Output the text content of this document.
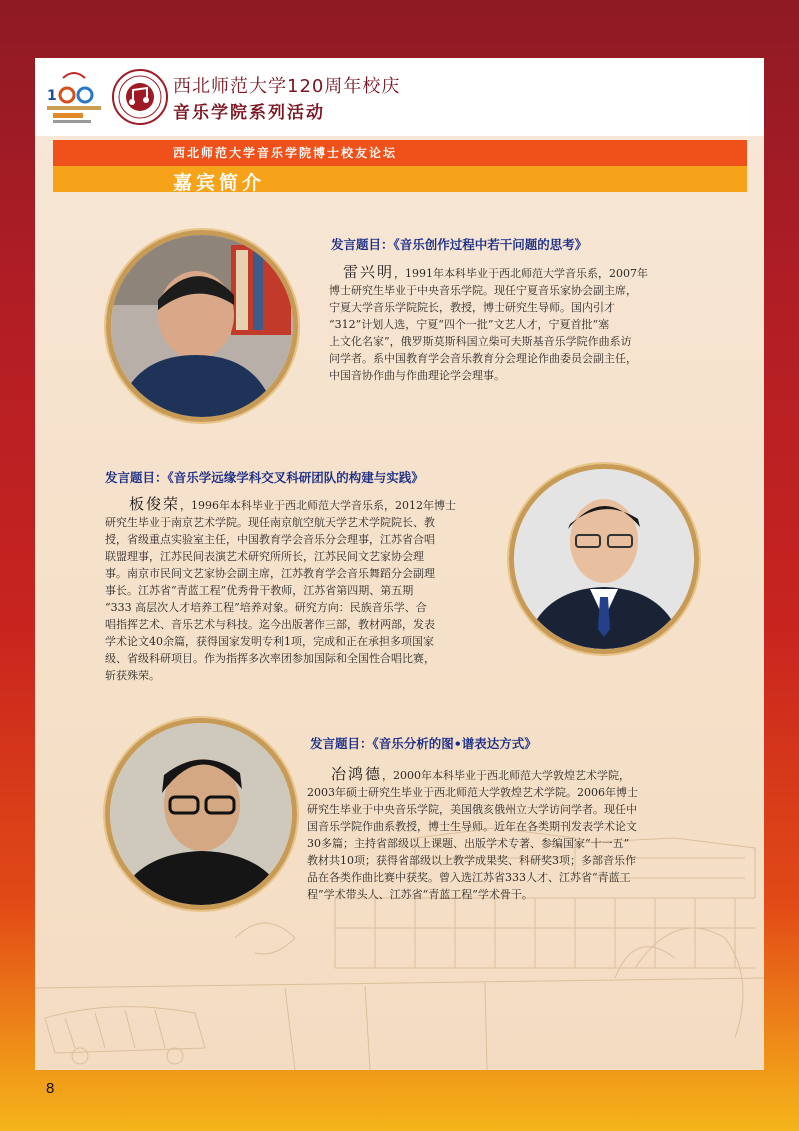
1	西北师范大学120周年校庆
音乐学院系列活动
西北师范大学音乐学院博士校友论坛
嘉宾简介
发言题目：《音乐创作过程中若干问题的思考》
雷兴明，1991年本科毕业于西北师范大学音乐系，2007年
博士研究生毕业于中央音乐学院。现任宁夏音乐家协会副主席，
宁夏大学音乐学院院长，教授，博士研究生导师。国内引才
“312”计划人选，宁夏“四个一批”文艺人才，宁夏首批“塞
上文化名家”，俄罗斯莫斯科国立柴可夫斯基音乐学院作曲系访
问学者。系中国教育学会音乐教育分会理论作曲委员会副主任，
中国音协作曲与作曲理论学会理事。
发言题目：《音乐学远缘学科交叉科研团队的构建与实践》
板俊荣，1996年本科毕业于西北师范大学音乐系，2012年博士
研究生毕业于南京艺术学院。现任南京航空航天学艺术学院院长、教
授，省级重点实验室主任，中国教育学会音乐分会理事，江苏省合唱
联盟理事，江苏民间表演艺术研究所所长，江苏民间文艺家协会理
事。南京市民间文艺家协会副主席，江苏教育学会音乐舞蹈分会副理
事长。江苏省“青蓝工程”优秀骨干教师，江苏省第四期、第五期
“333 高层次人才培养工程”培养对象。研究方向：民族音乐学、合
唱指挥艺术、音乐艺术与科技。迄今出版著作三部，教材两部，发表
学术论文40余篇，获得国家发明专利1项，完成和正在承担多项国家
级、省级科研项目。作为指挥多次率团参加国际和全国性合唱比赛，
斩获殊荣。
发言题目：《音乐分析的图•谱表达方式》
冶鸿德，2000年本科毕业于西北师范大学敦煌艺术学院，
2003年硕士研究生毕业于西北师范大学敦煌艺术学院。2006年博士
研究生毕业于中央音乐学院，美国俄亥俄州立大学访问学者。现任中
国音乐学院作曲系教授，博士生导师。近年在各类期刊发表学术论文
30多篇；主持省部级以上课题、出版学术专著、参编国家“十一五”
教材共10项；获得省部级以上教学成果奖、科研奖3项；多部音乐作
品在各类作曲比赛中获奖。曾入选江苏省333人才、江苏省“青蓝工
程”学术带头人、江苏省“青蓝工程”学术骨干。
8
